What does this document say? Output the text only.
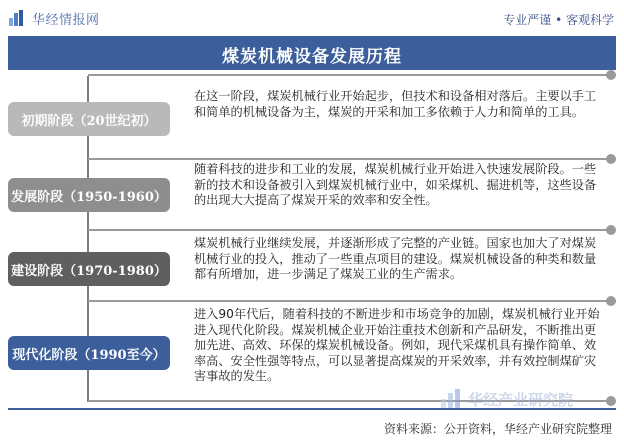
华经情报网	专业严谨 • 客观科学
煤炭机械设备发展历程
初期阶段（20世纪初）
在这一阶段，煤炭机械行业开始起步，但技术和设备相对落后。主要以手工和简单的机械设备为主，煤炭的开采和加工多依赖于人力和简单的工具。
发展阶段（1950-1960）
随着科技的进步和工业的发展，煤炭机械行业开始进入快速发展阶段。一些新的技术和设备被引入到煤炭机械行业中，如采煤机、掘进机等，这些设备的出现大大提高了煤炭开采的效率和安全性。
建设阶段（1970-1980）
煤炭机械行业继续发展，并逐渐形成了完整的产业链。国家也加大了对煤炭机械行业的投入，推动了一些重点项目的建设。煤炭机械设备的种类和数量都有所增加，进一步满足了煤炭工业的生产需求。
现代化阶段（1990至今）
进入90年代后，随着科技的不断进步和市场竞争的加剧，煤炭机械行业开始进入现代化阶段。煤炭机械企业开始注重技术创新和产品研发，不断推出更加先进、高效、环保的煤炭机械设备。例如，现代采煤机具有操作简单、效率高、安全性强等特点，可以显著提高煤炭的开采效率，并有效控制煤矿灾害事故的发生。
华经产业研究院
资料来源：公开资料，华经产业研究院整理
